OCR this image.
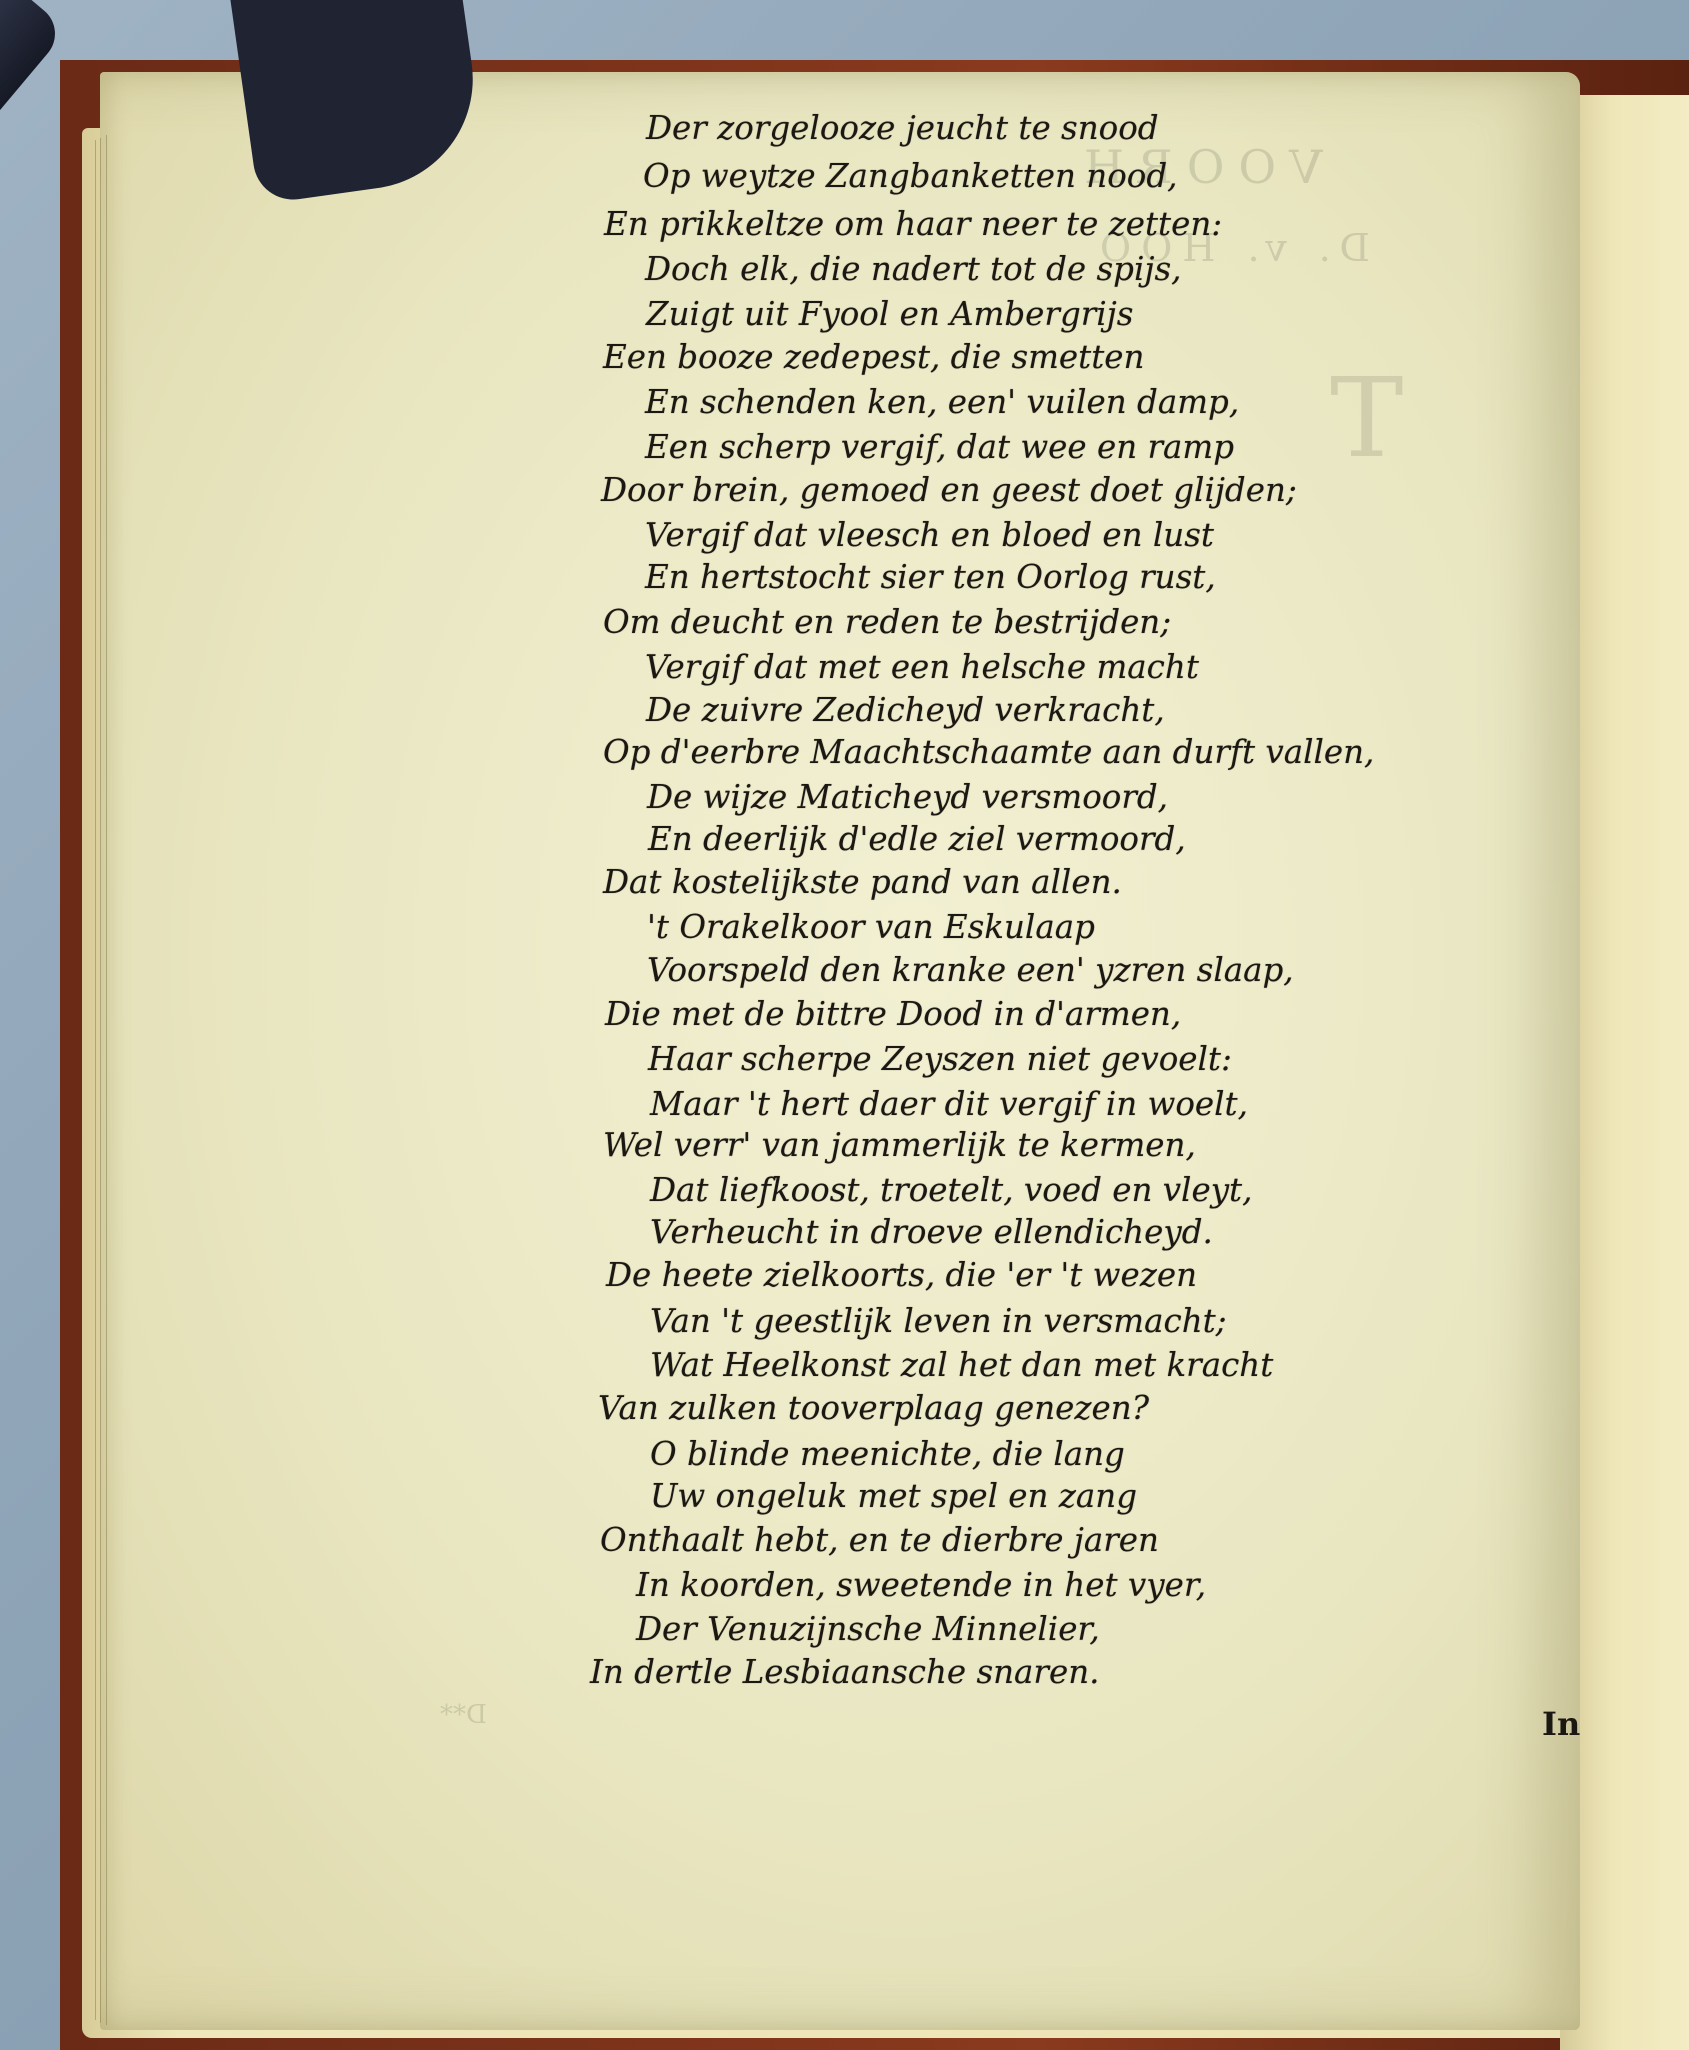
VOORH
D. v. HOO
T
D**
Der zorgelooze jeucht te snood
Op weytze Zangbanketten nood,
En prikkeltze om haar neer te zetten:
Doch elk, die nadert tot de spijs,
Zuigt uit Fyool en Ambergrijs
Een booze zedepest, die smetten
En schenden ken, een' vuilen damp,
Een scherp vergif, dat wee en ramp
Door brein, gemoed en geest doet glijden;
Vergif dat vleesch en bloed en lust
En hertstocht sier ten Oorlog rust,
Om deucht en reden te bestrijden;
Vergif dat met een helsche macht
De zuivre Zedicheyd verkracht,
Op d'eerbre Maachtschaamte aan durft vallen,
De wijze Maticheyd versmoord,
En deerlijk d'edle ziel vermoord,
Dat kostelijkste pand van allen.
't Orakelkoor van Eskulaap
Voorspeld den kranke een' yzren slaap,
Die met de bittre Dood in d'armen,
Haar scherpe Zeyszen niet gevoelt:
Maar 't hert daer dit vergif in woelt,
Wel verr' van jammerlijk te kermen,
Dat liefkoost, troetelt, voed en vleyt,
Verheucht in droeve ellendicheyd.
De heete zielkoorts, die 'er 't wezen
Van 't geestlijk leven in versmacht;
Wat Heelkonst zal het dan met kracht
Van zulken tooverplaag genezen?
O blinde meenichte, die lang
Uw ongeluk met spel en zang
Onthaalt hebt, en te dierbre jaren
In koorden, sweetende in het vyer,
Der Venuzijnsche Minnelier,
In dertle Lesbiaansche snaren.
In
